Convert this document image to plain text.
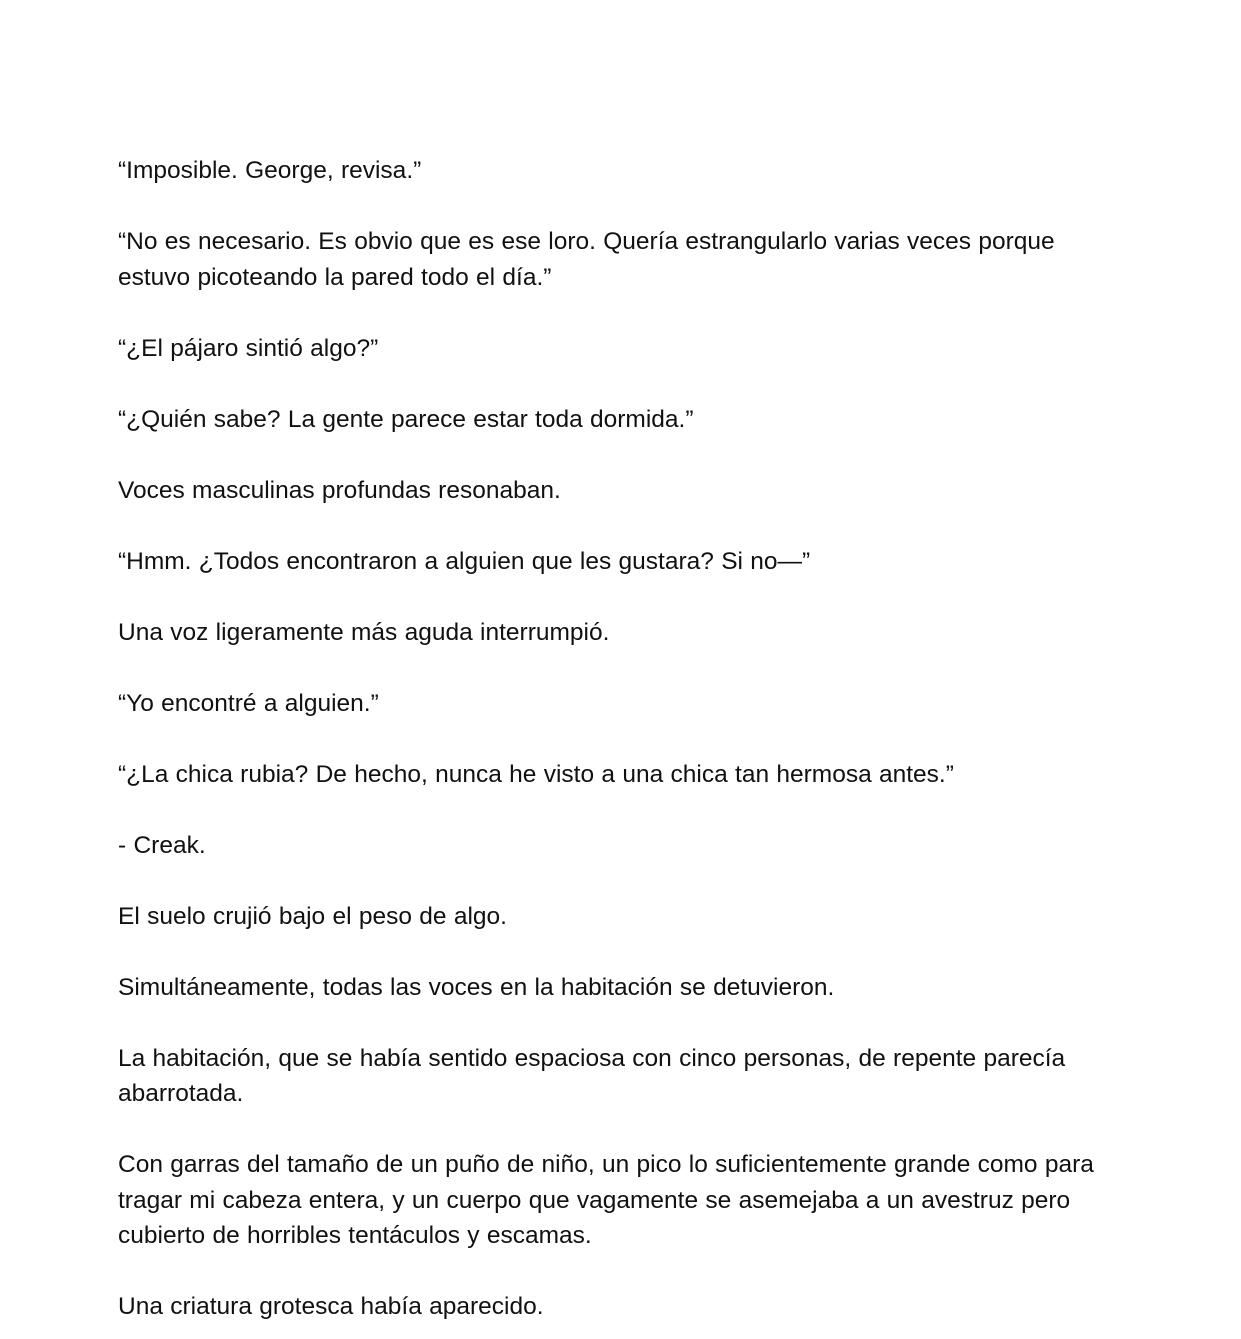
“Imposible. George, revisa.”

“No es necesario. Es obvio que es ese loro. Quería estrangularlo varias veces porque estuvo picoteando la pared todo el día.”

“¿El pájaro sintió algo?”

“¿Quién sabe? La gente parece estar toda dormida.”

Voces masculinas profundas resonaban.

“Hmm. ¿Todos encontraron a alguien que les gustara? Si no—”

Una voz ligeramente más aguda interrumpió.

“Yo encontré a alguien.”

“¿La chica rubia? De hecho, nunca he visto a una chica tan hermosa antes.”

- Creak.

El suelo crujió bajo el peso de algo.

Simultáneamente, todas las voces en la habitación se detuvieron.

La habitación, que se había sentido espaciosa con cinco personas, de repente parecía abarrotada.

Con garras del tamaño de un puño de niño, un pico lo suficientemente grande como para tragar mi cabeza entera, y un cuerpo que vagamente se asemejaba a un avestruz pero cubierto de horribles tentáculos y escamas.

Una criatura grotesca había aparecido.
